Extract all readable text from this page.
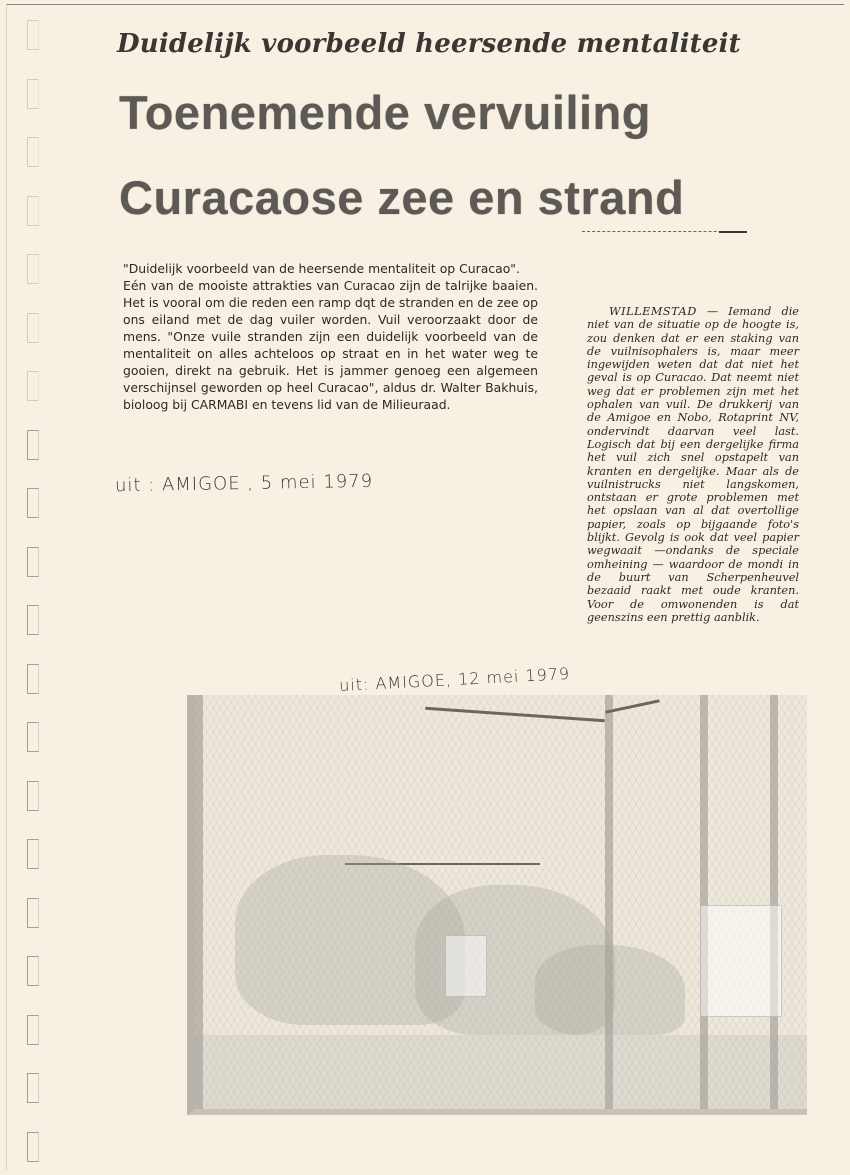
Duidelijk voorbeeld heersende mentaliteit
Toenemende vervuiling
Curacaose zee en strand

"Duidelijk voorbeeld van de heersende mentaliteit op Curacao".

Eén van de mooiste attrakties van Curacao zijn de talrijke baaien. Het is vooral om die reden een ramp dqt de stranden en de zee op ons eiland met de dag vuiler worden. Vuil veroorzaakt door de mens. "Onze vuile stranden zijn een duidelijk voorbeeld van de mentaliteit on alles achteloos op straat en in het water weg te gooien, direkt na gebruik. Het is jammer genoeg een algemeen verschijnsel geworden op heel Curacao", aldus dr. Walter Bakhuis, bioloog bij CARMABI en tevens lid van de Milieuraad.

uit : AMIGOE , 5 mei 1979
WILLEMSTAD — Iemand die niet van de situatie op de hoogte is, zou denken dat er een staking van de vuilnisophalers is, maar meer ingewijden weten dat dat niet het geval is op Curacao. Dat neemt niet weg dat er problemen zijn met het ophalen van vuil. De drukkerij van de Amigoe en Nobo, Rotaprint NV, ondervindt daarvan veel last. Logisch dat bij een dergelijke firma het vuil zich snel opstapelt van kranten en dergelijke. Maar als de vuilnistrucks niet langskomen, ontstaan er grote problemen met het opslaan van al dat overtollige papier, zoals op bijgaande foto's blijkt. Gevolg is ook dat veel papier wegwaait —ondanks de speciale omheining — waardoor de mondi in de buurt van Scherpenheuvel bezaaid raakt met oude kranten. Voor de omwonenden is dat geenszins een prettig aanblik.
uit: AMIGOE, 12 mei 1979
